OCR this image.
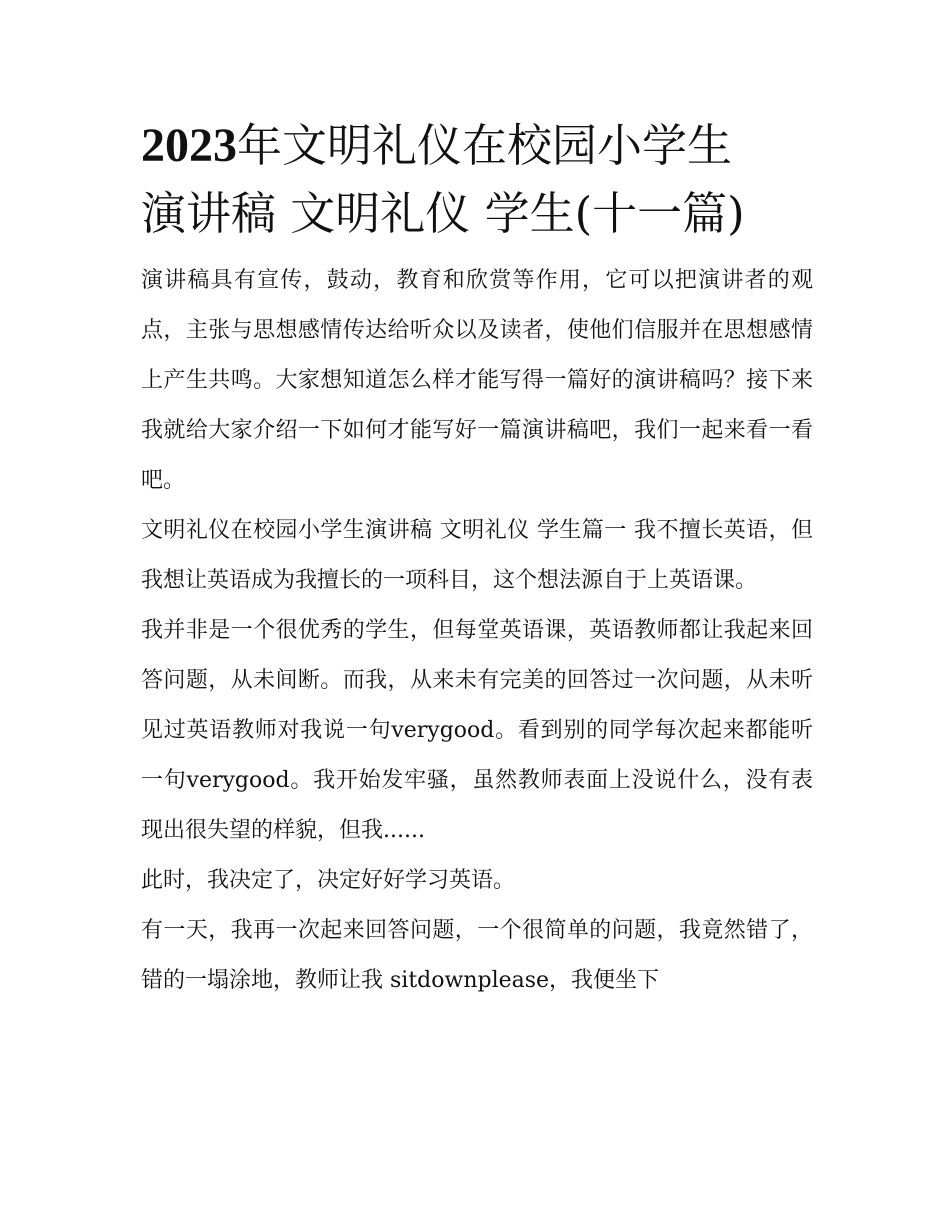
2023年文明礼仪在校园小学生
演讲稿 文明礼仪 学生(十一篇)

演讲稿具有宣传，鼓动，教育和欣赏等作用，它可以把演讲者的观点，主张与思想感情传达给听众以及读者，使他们信服并在思想感情上产生共鸣。大家想知道怎么样才能写得一篇好的演讲稿吗？接下来我就给大家介绍一下如何才能写好一篇演讲稿吧，我们一起来看一看吧。

文明礼仪在校园小学生演讲稿 文明礼仪 学生篇一 我不擅长英语，但我想让英语成为我擅长的一项科目，这个想法源自于上英语课。

我并非是一个很优秀的学生，但每堂英语课，英语教师都让我起来回答问题，从未间断。而我，从来未有完美的回答过一次问题，从未听见过英语教师对我说一句verygood。看到别的同学每次起来都能听一句verygood。我开始发牢骚，虽然教师表面上没说什么，没有表现出很失望的样貌，但我......

此时，我决定了，决定好好学习英语。

有一天，我再一次起来回答问题，一个很简单的问题，我竟然错了，错的一塌涂地，教师让我 sitdownplease，我便坐下
